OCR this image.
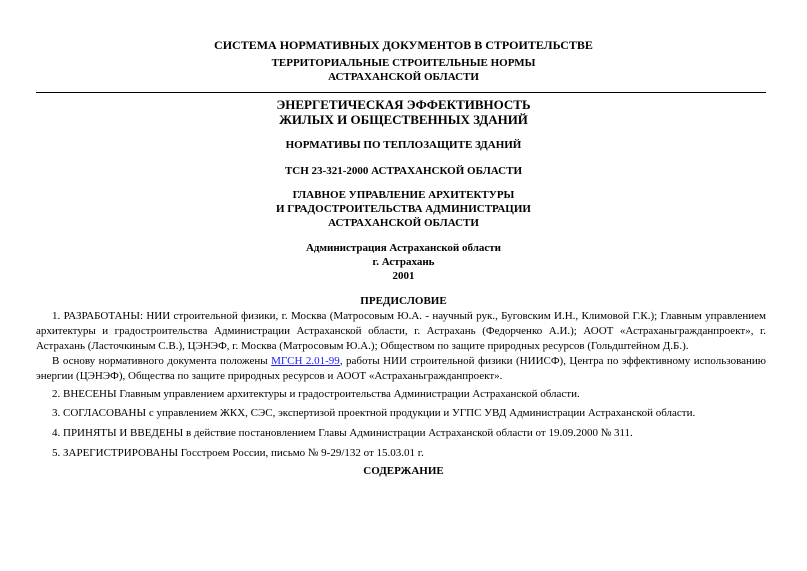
СИСТЕМА НОРМАТИВНЫХ ДОКУМЕНТОВ В СТРОИТЕЛЬСТВЕ
ТЕРРИТОРИАЛЬНЫЕ СТРОИТЕЛЬНЫЕ НОРМЫ
АСТРАХАНСКОЙ ОБЛАСТИ
ЭНЕРГЕТИЧЕСКАЯ ЭФФЕКТИВНОСТЬ
ЖИЛЫХ И ОБЩЕСТВЕННЫХ ЗДАНИЙ
НОРМАТИВЫ ПО ТЕПЛОЗАЩИТЕ ЗДАНИЙ
ТСН 23-321-2000 АСТРАХАНСКОЙ ОБЛАСТИ
ГЛАВНОЕ УПРАВЛЕНИЕ АРХИТЕКТУРЫ
И ГРАДОСТРОИТЕЛЬСТВА АДМИНИСТРАЦИИ
АСТРАХАНСКОЙ ОБЛАСТИ
Администрация Астраханской области
г. Астрахань
2001
ПРЕДИСЛОВИЕ
1. РАЗРАБОТАНЫ: НИИ строительной физики, г. Москва (Матросовым Ю.А. - научный рук., Буговским И.Н., Климовой Г.К.); Главным управлением архитектуры и градостроительства Администрации Астраханской области, г. Астрахань (Федорченко А.И.); АООТ «Астраханьгражданпроект», г. Астрахань (Ласточкиным С.В.), ЦЭНЭФ, г. Москва (Матросовым Ю.А.); Обществом по защите природных ресурсов (Гольдштейном Д.Б.).
В основу нормативного документа положены МГСН 2.01-99, работы НИИ строительной физики (НИИСФ), Центра по эффективному использованию энергии (ЦЭНЭФ), Общества по защите природных ресурсов и АООТ «Астраханьгражданпроект».
2. ВНЕСЕНЫ Главным управлением архитектуры и градостроительства Администрации Астраханской области.
3. СОГЛАСОВАНЫ с управлением ЖКХ, СЭС, экспертизой проектной продукции и УГПС УВД Администрации Астраханской области.
4. ПРИНЯТЫ И ВВЕДЕНЫ в действие постановлением Главы Администрации Астраханской области от 19.09.2000 № 311.
5. ЗАРЕГИСТРИРОВАНЫ Госстроем России, письмо № 9-29/132 от 15.03.01 г.
СОДЕРЖАНИЕ
